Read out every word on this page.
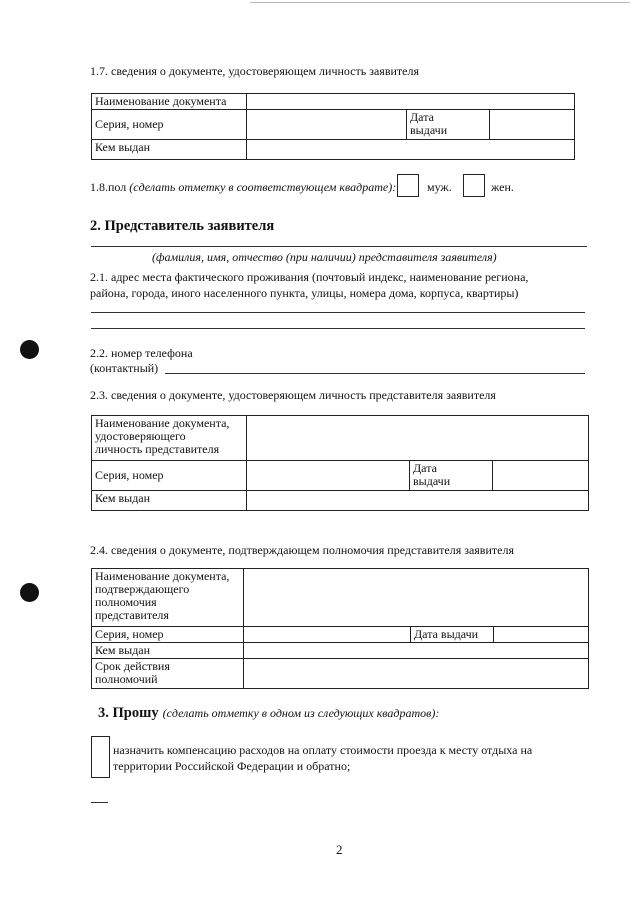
1.7. сведения о документе, удостоверяющем личность заявителя
Наименование документа			
Серия, номер		Дата
выдачи	

Кем выдан			
1.8.пол (сделать отметку в соответствующем квадрате):	муж.	жен.
2. Представитель заявителя
(фамилия, имя, отчество (при наличии) представителя заявителя)
2.1. адрес места фактического проживания (почтовый индекс, наименование региона,
района, города, иного населенного пункта, улицы, номера дома, корпуса, квартиры)
2.2. номер телефона
(контактный)
2.3. сведения о документе, удостоверяющем личность представителя заявителя
Наименование документа,
удостоверяющего
личность представителя			

Серия, номер		Дата
выдачи	

Кем выдан			
2.4. сведения о документе, подтверждающем полномочия представителя заявителя
Наименование документа,
подтверждающего
полномочия
представителя			

Серия, номер		Дата выдачи	
Кем выдан			

Срок действия
полномочий			

3. Прошу (сделать отметку в одном из следующих квадратов):
назначить компенсацию расходов на оплату стоимости проезда к месту отдыха на
территории Российской Федерации и обратно;
2
